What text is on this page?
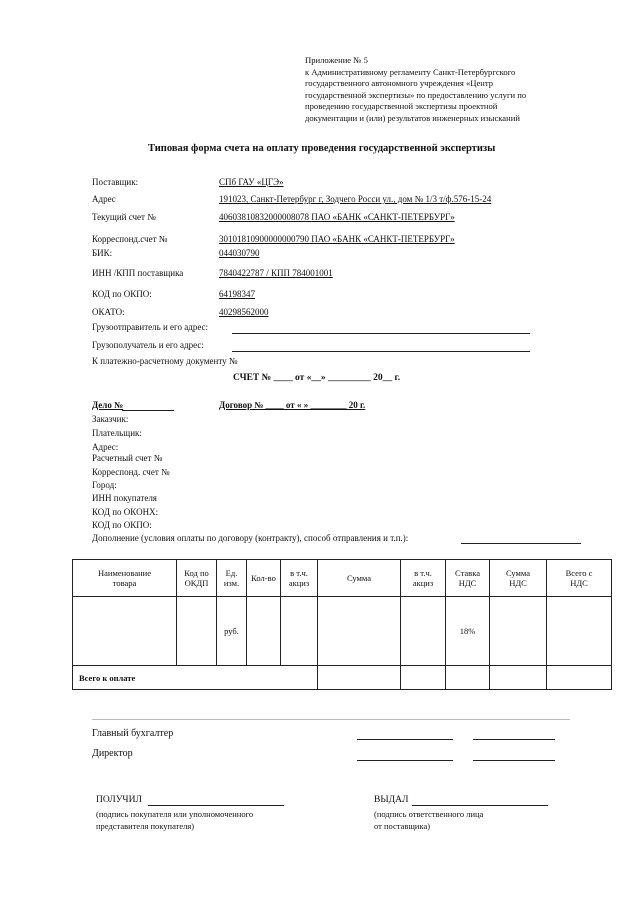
Приложение № 5
к Административному регламенту Санкт-Петербургского
государственного автономного учреждения «Центр
государственной экспертизы» по предоставлению услуги по
проведению государственной экспертизы проектной
документации и (или) результатов инженерных изысканий
Типовая форма счета на оплату проведения государственной экспертизы
Поставщик:	СПб ГАУ «ЦГЭ»
Адрес	191023, Санкт-Петербург г, Зодчего Росси ул., дом № 1/3 т/ф.576-15-24
Текущий счет №	40603810832000008078 ПАО «БАНК «САНКТ-ПЕТЕРБУРГ»
Корреспонд.счет №	30101810900000000790 ПАО «БАНК «САНКТ-ПЕТЕРБУРГ»
БИК:	044030790
ИНН /КПП поставщика	7840422787 / КПП 784001001
КОД по ОКПО:	64198347
ОКАТО:	40298562000
Грузоотправитель и его адрес:
Грузополучатель и его адрес:
К платежно-расчетному документу №
СЧЕТ № ____ от «__» _________ 20__ г.
Дело №	Договор № ____ от « » ________ 20 г.
Заказчик:
Плательщик:
Адрес:
Расчетный счет №
Корреспонд. счет №
Город:
ИНН покупателя
КОД по ОКОНХ:
КОД по ОКПО:
Дополнение (условия оплаты по договору (контракту), способ отправления и т.п.):
Наименование товара	Код по ОКДП	Ед. изм.	Кол-во	в т.ч. акциз	Сумма	в т.ч. акциз	Ставка НДС	Сумма НДС	Всего с НДС

		руб.					18%		
Всего к оплате									
Главный бухгалтер
Директор
ПОЛУЧИЛ
(подпись покупателя или уполномоченного
представителя покупателя)
ВЫДАЛ
(подпись ответственного лица
от поставщика)
